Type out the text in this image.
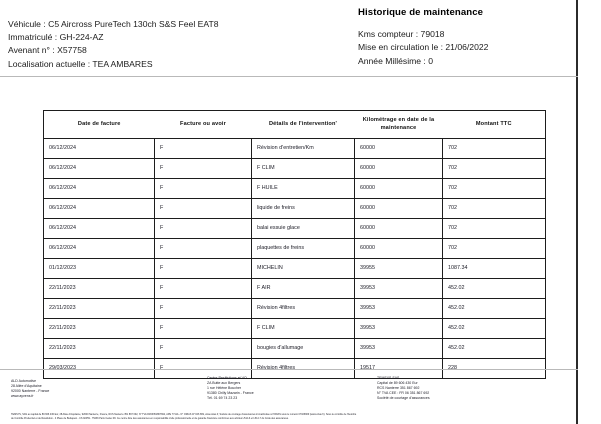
Véhicule : C5 Aircross PureTech 130ch S&S Feel EAT8
Immatriculé : GH-224-AZ
Avenant n° : X57758
Localisation actuelle : TEA AMBARES
Historique de maintenance
Kms compteur : 79018
Mise en circulation le : 21/06/2022
Année Millésime : 0
Date de facture	Facture ou avoir	Détails de l'intervention'	Kilométrage en date de la maintenance	Montant TTC
06/12/2024	F	Révision d'entretien/Km	60000	702
06/12/2024	F	F CLIM	60000	702
06/12/2024	F	F HUILE	60000	702
06/12/2024	F	liquide de freins	60000	702
06/12/2024	F	balai essuie glace	60000	702
06/12/2024	F	plaquettes de freins	60000	702
01/12/2023	F	MICHELIN	39955	1087.34
22/11/2023	F	F AIR	39953	452.02
22/11/2023	F	Révision 4filtres	39953	452.02
22/11/2023	F	F CLIM	39953	452.02
22/11/2023	F	bougies d'allumage	39953	452.02
29/03/2023	F	Révision 4filtres	19517	228
ALD Automotive
28 Allée d'Aquitaine
92000 Nanterre - France
www.ayvens.fr
Centre Restitutions et VO
ZA Butte aux Bergers
1 rue Hélène Boucher
91380 Chilly Mazarin - France
Tél. 01 69 74 23 23
TEMSYS SAS
Capital de 89 606 430 Eur
RCS Nanterre 351 867 692
N° TVA CEE : FR 06 351 867 692
Société de courtage d'assurances
TEMSYS, SAS au capital de 89 606 430 Eur, 28 Allée d'Aquitaine, 92000 Nanterre, France, RCS Nanterre 351 867 692, N° TVA FR06351867692, APE 7711A - N° ORIAS 07 026 669, www.orias.fr, Société de courtage d'assurances immatriculée à l'ORIAS sous le numéro 07026669 (www.orias.fr). Sous le contrôle de l'Autorité
de Contrôle Prudentiel et de Résolution - 4 Place de Budapest - CS 92459 - 75436 Paris Cedex 09. Ce centre liste des assurances en responsabilité civile professionnelle et de garantie financière conformes aux articles L512-6 et L512-7 du Code des assurances.
